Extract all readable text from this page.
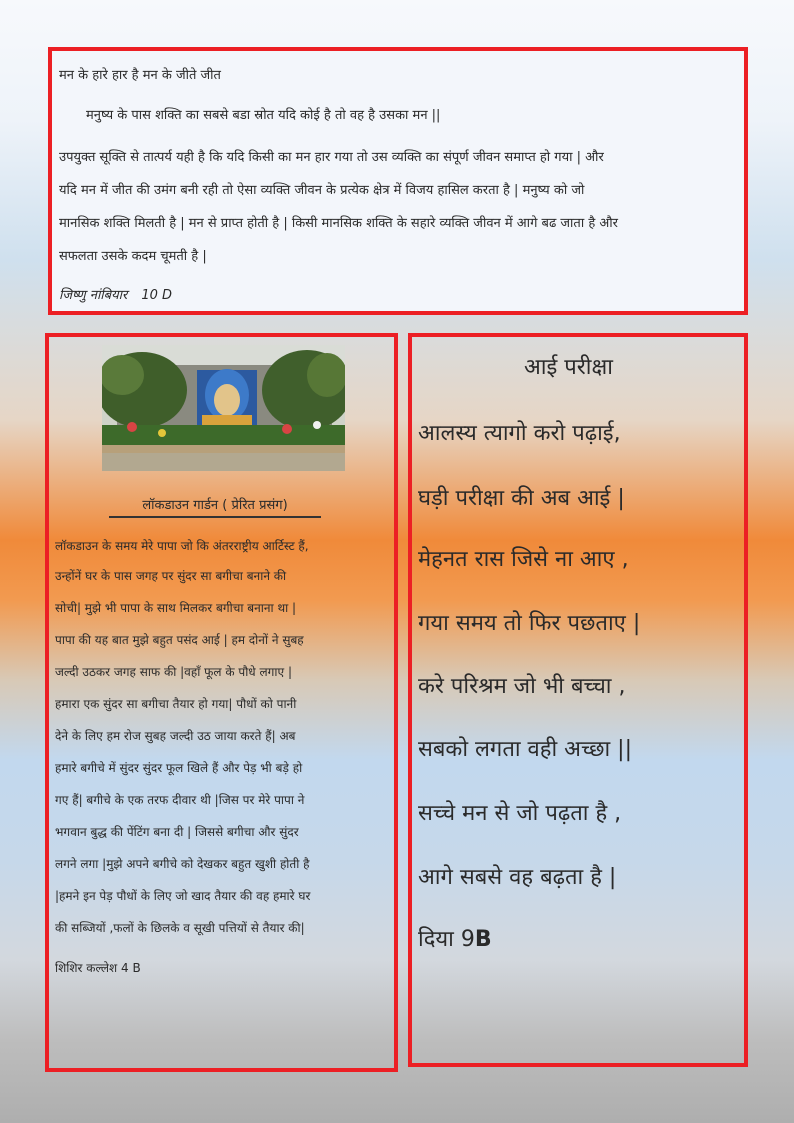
मन के हारे हार है मन के जीते जीत
मनुष्य के पास शक्ति का सबसे बडा स्रोत यदि कोई है तो वह है उसका मन ||
उपयुक्त सूक्ति से तात्पर्य यही है कि यदि किसी का मन हार गया तो उस व्यक्ति का संपूर्ण जीवन समाप्त हो गया | और
यदि मन में जीत की उमंग बनी रही तो ऐसा व्यक्ति जीवन के प्रत्येक क्षेत्र में विजय हासिल करता है | मनुष्य को जो
मानसिक शक्ति मिलती है | मन से प्राप्त होती है | किसी मानसिक शक्ति के सहारे व्यक्ति जीवन में आगे बढ जाता है और
सफलता उसके कदम चूमती है |
जिष्णु नांबियार 10 D
लॉकडाउन गार्डन ( प्रेरित प्रसंग)
लॉकडाउन के समय मेरे पापा जो कि अंतरराष्ट्रीय आर्टिस्ट हैं,
उन्होंनें घर के पास जगह पर सुंदर सा बगीचा बनाने की
सोची| मुझे भी पापा के साथ मिलकर बगीचा बनाना था |
पापा की यह बात मुझे बहुत पसंद आई | हम दोनों ने सुबह
जल्दी उठकर जगह साफ की |वहाँ फूल के पौधे लगाए |
हमारा एक सुंदर सा बगीचा तैयार हो गया| पौधों को पानी
देने के लिए हम रोज सुबह जल्दी उठ जाया करते हैं| अब
हमारे बगीचे में सुंदर सुंदर फूल खिले हैं और पेड़ भी बड़े हो
गए हैं| बगीचे के एक तरफ दीवार थी |जिस पर मेरे पापा ने
भगवान बुद्ध की पेंटिंग बना दी | जिससे बगीचा और सुंदर
लगने लगा |मुझे अपने बगीचे को देखकर बहुत खुशी होती है
|हमने इन पेड़ पौधों के लिए जो खाद तैयार की वह हमारे घर
की सब्जियों ,फलों के छिलके व सूखी पत्तियों से तैयार की|
शिशिर कल्लेश 4 B
आई परीक्षा
आलस्य त्यागो करो पढ़ाई,
घड़ी परीक्षा की अब आई |
मेहनत रास जिसे ना आए ,
गया समय तो फिर पछताए |
करे परिश्रम जो भी बच्चा ,
सबको लगता वही अच्छा ||
सच्चे मन से जो पढ़ता है ,
आगे सबसे वह बढ़ता है |
दिया 9B
